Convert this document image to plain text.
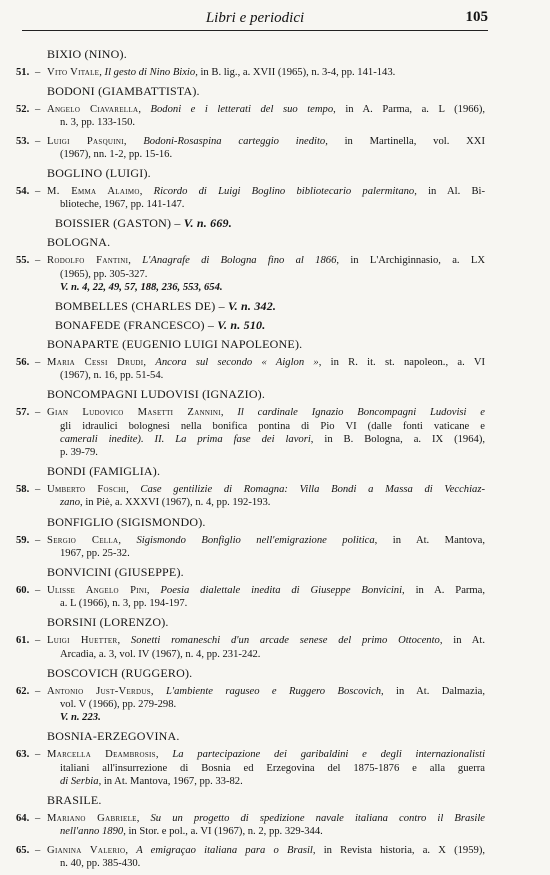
Libri e periodici	105
BIXIO (NINO).
51. – Vito Vitale, Il gesto di Nino Bixio, in B. lig., a. XVII (1965), n. 3-4, pp. 141-143.
BODONI (GIAMBATTISTA).
52. – Angelo Ciavarella, Bodoni e i letterati del suo tempo, in A. Parma, a. L (1966),
n. 3, pp. 133-150.
53. – Luigi Pasquini, Bodoni-Rosaspina carteggio inedito, in Martinella, vol. XXI
(1967), nn. 1-2, pp. 15-16.
BOGLINO (LUIGI).
54. – M. Emma Alaimo, Ricordo di Luigi Boglino bibliotecario palermitano, in Al. Bi-
blioteche, 1967, pp. 141-147.
BOISSIER (GASTON) – V. n. 669.
BOLOGNA.
55. – Rodolfo Fantini, L'Anagrafe di Bologna fino al 1866, in L'Archiginnasio, a. LX
(1965), pp. 305-327.
V. n. 4, 22, 49, 57, 188, 236, 553, 654.
BOMBELLES (CHARLES DE) – V. n. 342.
BONAFEDE (FRANCESCO) – V. n. 510.
BONAPARTE (EUGENIO LUIGI NAPOLEONE).
56. – Maria Cessi Drudi, Ancora sul secondo « Aiglon », in R. it. st. napoleon., a. VI
(1967), n. 16, pp. 51-54.
BONCOMPAGNI LUDOVISI (IGNAZIO).
57. – Gian Ludovico Masetti Zannini, Il cardinale Ignazio Boncompagni Ludovisi e
gli idraulici bolognesi nella bonifica pontina di Pio VI (dalle fonti vaticane e
camerali inedite). II. La prima fase dei lavori, in B. Bologna, a. IX (1964),
p. 39-79.
BONDI (FAMIGLIA).
58. – Umberto Foschi, Case gentilizie di Romagna: Villa Bondi a Massa di Vecchiaz-
zano, in Piè, a. XXXVI (1967), n. 4, pp. 192-193.
BONFIGLIO (SIGISMONDO).
59. – Sergio Cella, Sigismondo Bonfiglio nell'emigrazione politica, in At. Mantova,
1967, pp. 25-32.
BONVICINI (GIUSEPPE).
60. – Ulisse Angelo Pini, Poesia dialettale inedita di Giuseppe Bonvicini, in A. Parma,
a. L (1966), n. 3, pp. 194-197.
BORSINI (LORENZO).
61. – Luigi Huetter, Sonetti romaneschi d'un arcade senese del primo Ottocento, in At.
Arcadia, a. 3, vol. IV (1967), n. 4, pp. 231-242.
BOSCOVICH (RUGGERO).
62. – Antonio Just-Verdus, L'ambiente raguseo e Ruggero Boscovich, in At. Dalmazia,
vol. V (1966), pp. 279-298.
V. n. 223.
BOSNIA-ERZEGOVINA.
63. – Marcella Deambrosis, La partecipazione dei garibaldini e degli internazionalisti
italiani all'insurrezione di Bosnia ed Erzegovina del 1875-1876 e alla guerra
di Serbia, in At. Mantova, 1967, pp. 33-82.
BRASILE.
64. – Mariano Gabriele, Su un progetto di spedizione navale italiana contro il Brasile
nell'anno 1890, in Stor. e pol., a. VI (1967), n. 2, pp. 329-344.
65. – Gianina Valerio, A emigraçao italiana para o Brasil, in Revista historia, a. X (1959),
n. 40, pp. 385-430.
